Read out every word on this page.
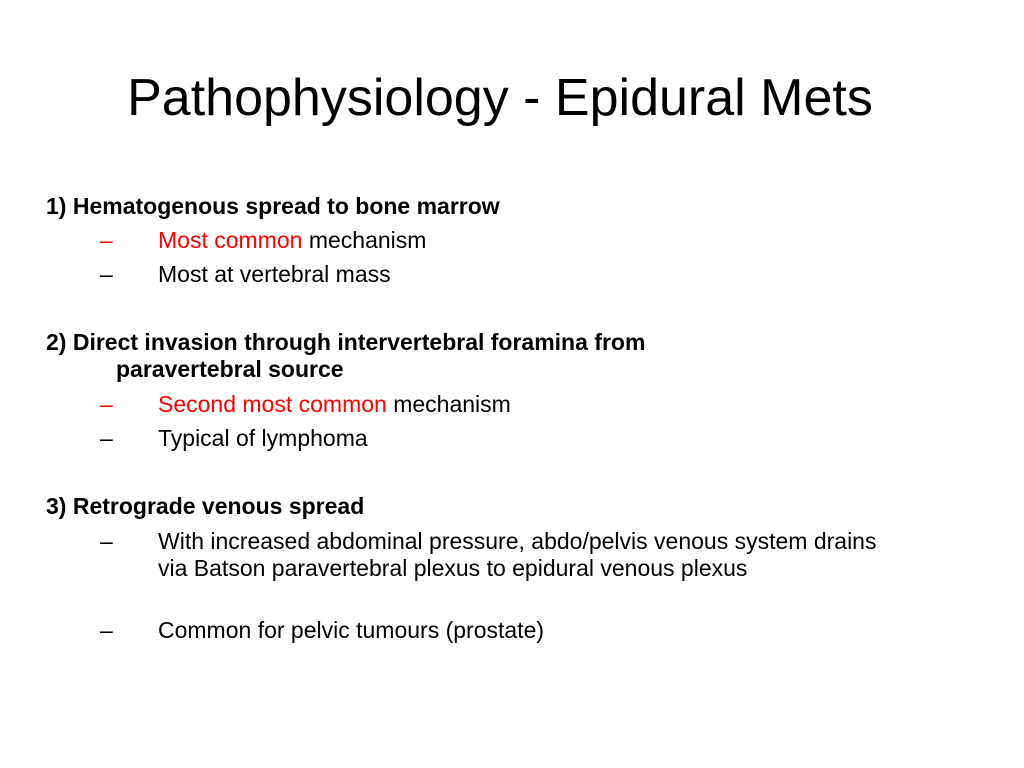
Pathophysiology - Epidural Mets
1) Hematogenous spread to bone marrow
– Most common mechanism
– Most at vertebral mass
2) Direct invasion through intervertebral foramina from
paravertebral source
– Second most common mechanism
– Typical of lymphoma
3) Retrograde venous spread
– With increased abdominal pressure, abdo/pelvis venous system drains via Batson paravertebral plexus to epidural venous plexus
– Common for pelvic tumours (prostate)
